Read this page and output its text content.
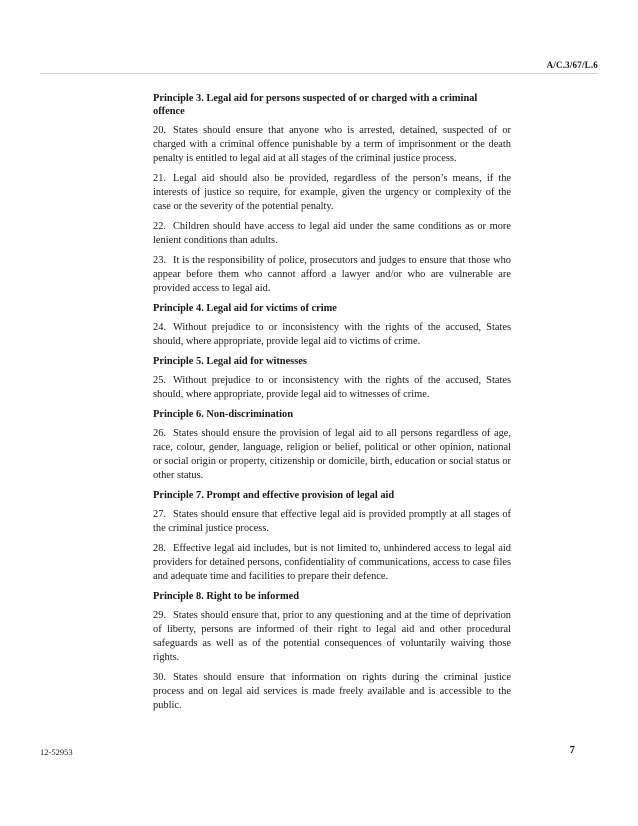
A/C.3/67/L.6
Principle 3. Legal aid for persons suspected of or charged with a criminal offence

20. States should ensure that anyone who is arrested, detained, suspected of or charged with a criminal offence punishable by a term of imprisonment or the death penalty is entitled to legal aid at all stages of the criminal justice process.

21. Legal aid should also be provided, regardless of the person’s means, if the interests of justice so require, for example, given the urgency or complexity of the case or the severity of the potential penalty.

22. Children should have access to legal aid under the same conditions as or more lenient conditions than adults.

23. It is the responsibility of police, prosecutors and judges to ensure that those who appear before them who cannot afford a lawyer and/or who are vulnerable are provided access to legal aid.

Principle 4. Legal aid for victims of crime

24. Without prejudice to or inconsistency with the rights of the accused, States should, where appropriate, provide legal aid to victims of crime.

Principle 5. Legal aid for witnesses

25. Without prejudice to or inconsistency with the rights of the accused, States should, where appropriate, provide legal aid to witnesses of crime.

Principle 6. Non-discrimination

26. States should ensure the provision of legal aid to all persons regardless of age, race, colour, gender, language, religion or belief, political or other opinion, national or social origin or property, citizenship or domicile, birth, education or social status or other status.

Principle 7. Prompt and effective provision of legal aid

27. States should ensure that effective legal aid is provided promptly at all stages of the criminal justice process.

28. Effective legal aid includes, but is not limited to, unhindered access to legal aid providers for detained persons, confidentiality of communications, access to case files and adequate time and facilities to prepare their defence.

Principle 8. Right to be informed

29. States should ensure that, prior to any questioning and at the time of deprivation of liberty, persons are informed of their right to legal aid and other procedural safeguards as well as of the potential consequences of voluntarily waiving those rights.

30. States should ensure that information on rights during the criminal justice process and on legal aid services is made freely available and is accessible to the public.

12-52953	7
